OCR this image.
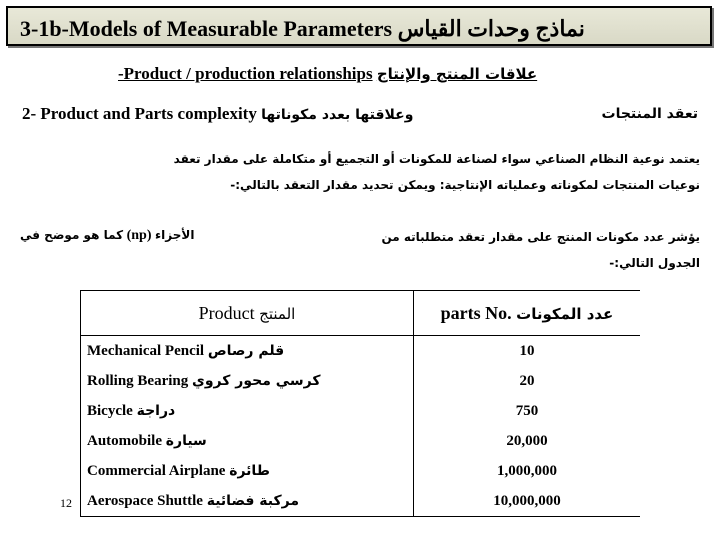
3-1b-Models of Measurable Parameters نماذج وحدات القياس
-Product / production relationships علاقات المنتج والإنتاج
2- Product and Parts complexity وعلاقتها بعدد مكوناتها	تعقد المنتجات
يعتمد نوعية النظام الصناعي سواء لصناعة للمكونات أو التجميع أو متكاملة على مقدار تعقد
نوعيات المنتجات لمكوناته وعملياته الإنتاجية: ويمكن تحديد مقدار التعقد بالتالي:-
يؤشر عدد مكونات المنتج على مقدار تعقد متطلباته من
كما هو موضح في (np) الأجزاء
الجدول التالي:-
Product المنتج	parts No. عدد المكونات
Mechanical Pencil قلم رصاص	10
Rolling Bearing كرسي محور كروي	20
Bicycle دراجة	750
Automobile سيارة	20,000
Commercial Airplane طائرة	1,000,000
Aerospace Shuttle مركبة فضائية	10,000,000
12
